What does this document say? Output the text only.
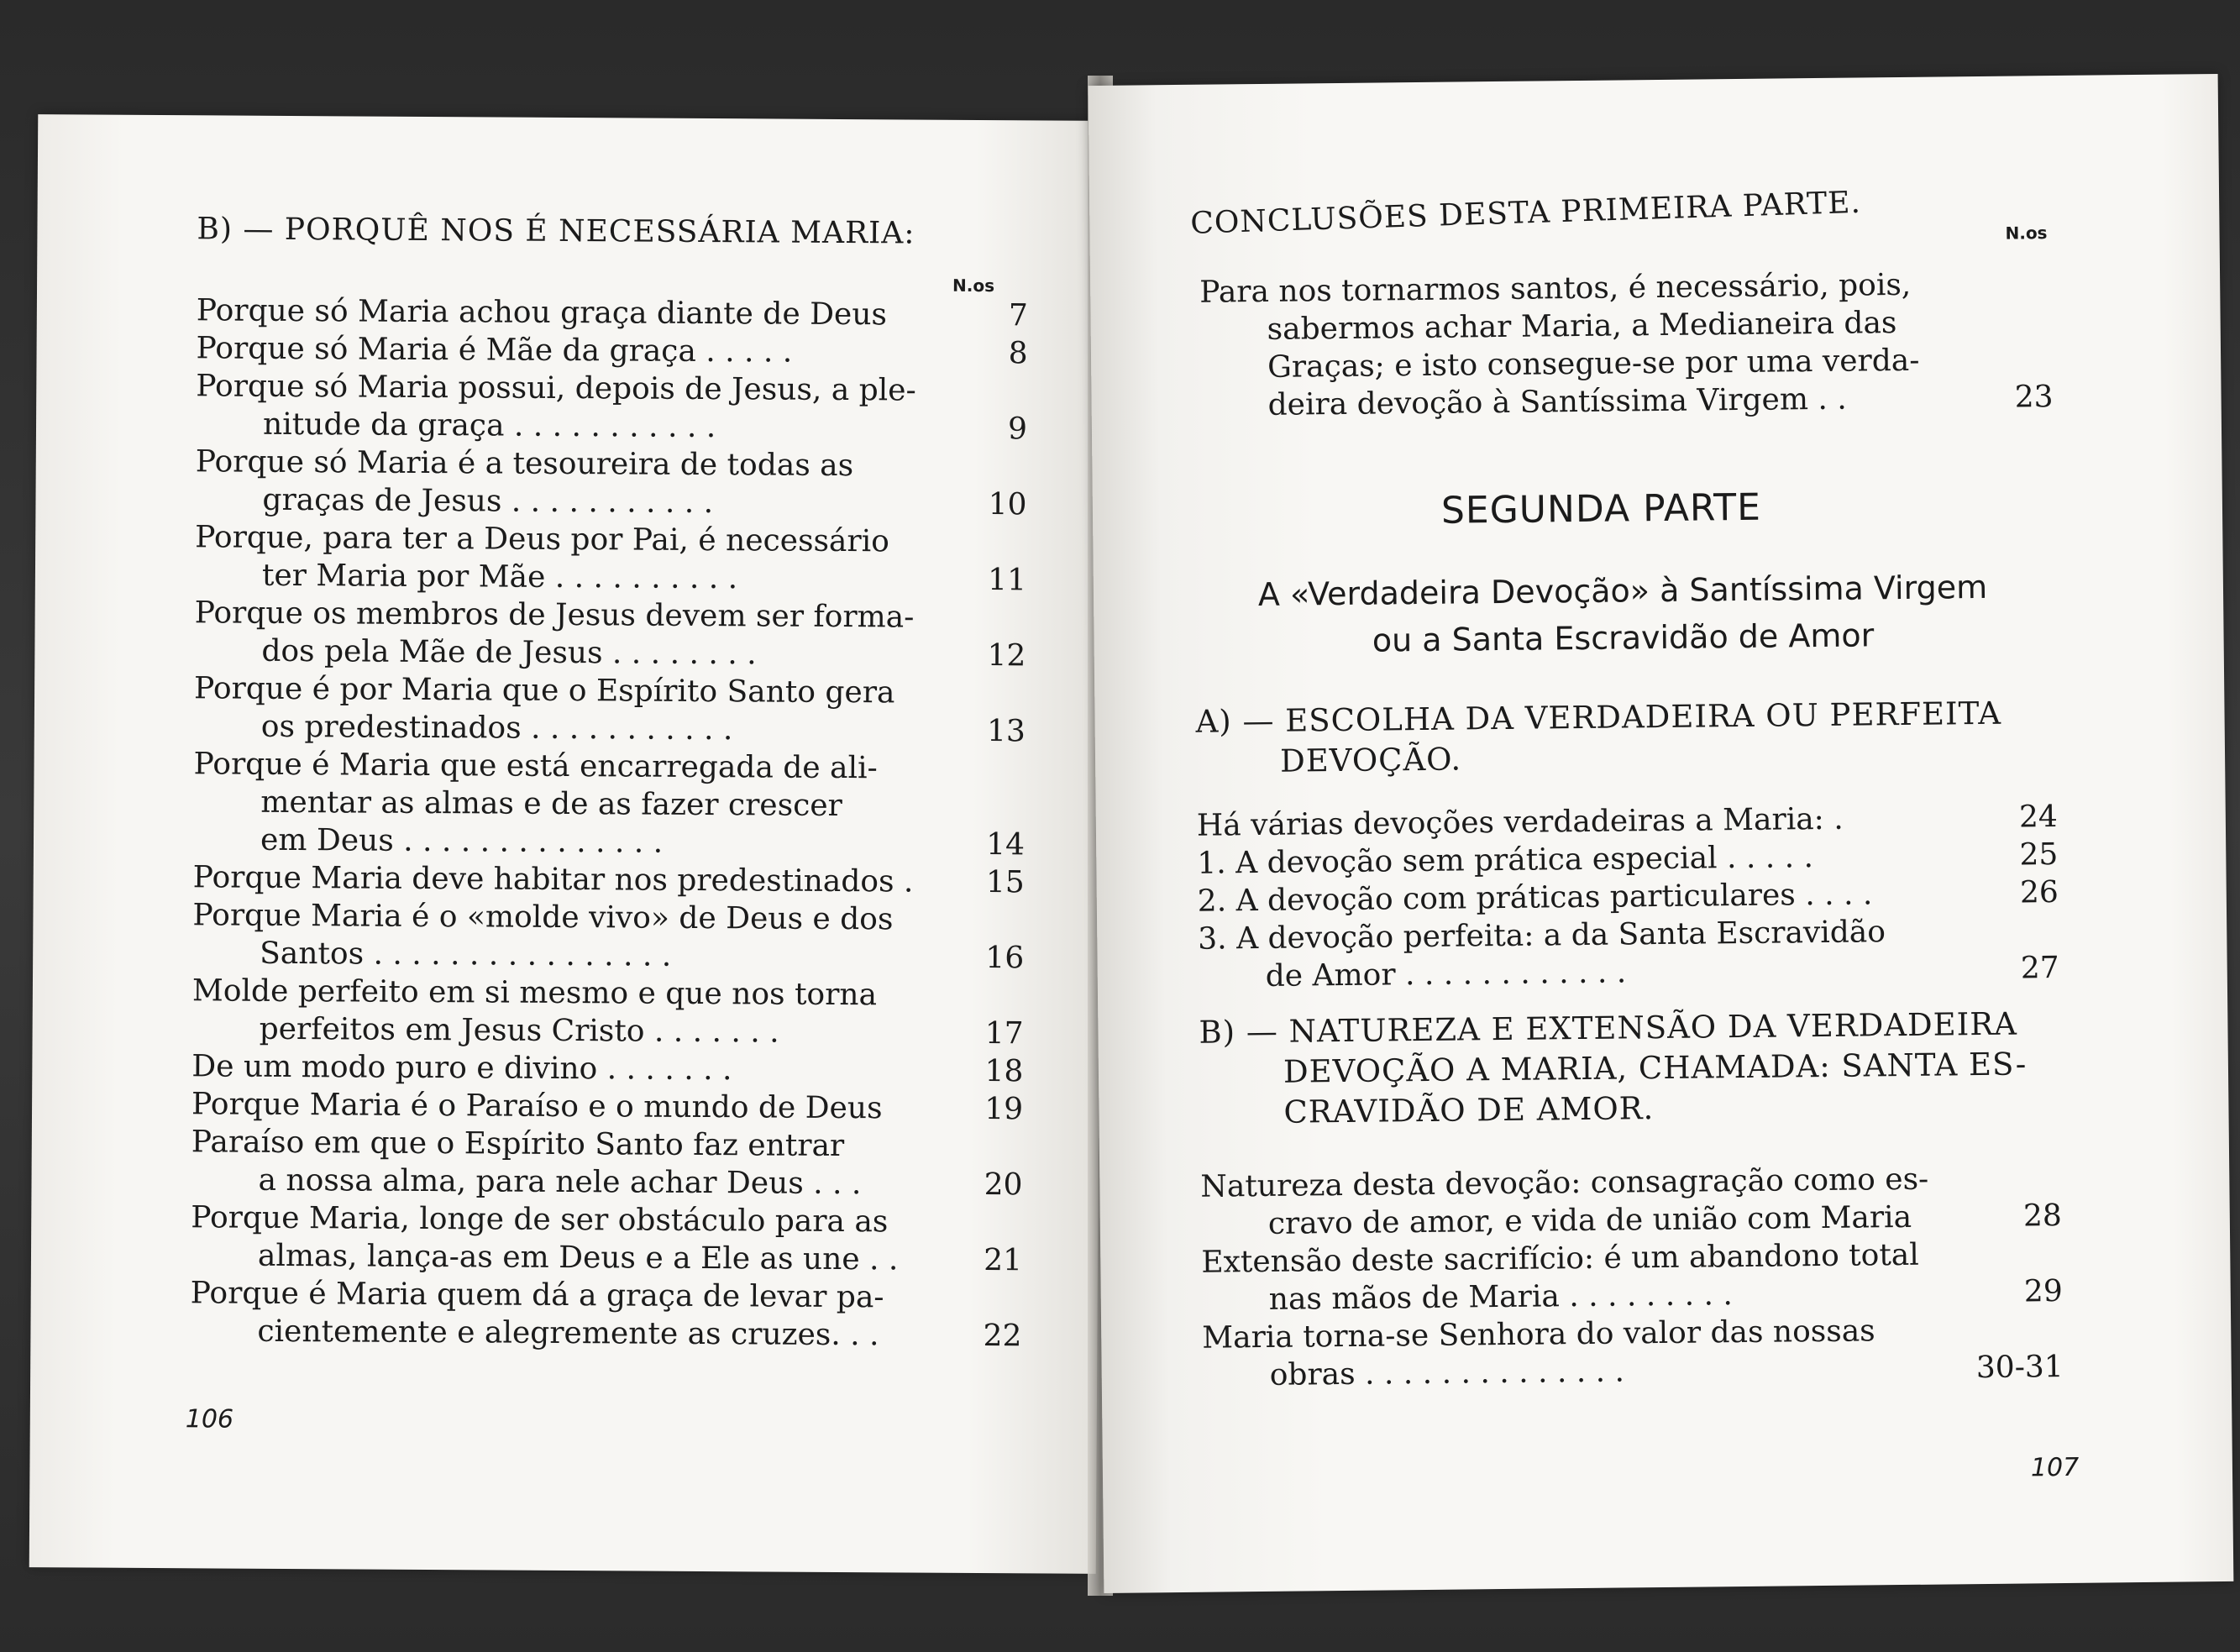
B) — PORQUÊ NOS É NECESSÁRIA MARIA:
N.os
Porque só Maria achou graça diante de Deus	7
Porque só Maria é Mãe da graça . . . . .	8
Porque só Maria possui, depois de Jesus, a ple-
nitude da graça . . . . . . . . . . .	9
Porque só Maria é a tesoureira de todas as
graças de Jesus . . . . . . . . . . .	10
Porque, para ter a Deus por Pai, é necessário
ter Maria por Mãe . . . . . . . . . .	11
Porque os membros de Jesus devem ser forma-
dos pela Mãe de Jesus . . . . . . . .	12
Porque é por Maria que o Espírito Santo gera
os predestinados . . . . . . . . . . .	13
Porque é Maria que está encarregada de ali-
mentar as almas e de as fazer crescer
em Deus . . . . . . . . . . . . . .	14
Porque Maria deve habitar nos predestinados .	15
Porque Maria é o «molde vivo» de Deus e dos
Santos . . . . . . . . . . . . . . . .	16
Molde perfeito em si mesmo e que nos torna
perfeitos em Jesus Cristo . . . . . . .	17
De um modo puro e divino . . . . . . .	18
Porque Maria é o Paraíso e o mundo de Deus	19
Paraíso em que o Espírito Santo faz entrar
a nossa alma, para nele achar Deus . . .	20
Porque Maria, longe de ser obstáculo para as
almas, lança-as em Deus e a Ele as une . .	21
Porque é Maria quem dá a graça de levar pa-
cientemente e alegremente as cruzes. . .	22
106
CONCLUSÕES DESTA PRIMEIRA PARTE.	N.os
Para nos tornarmos santos, é necessário, pois,
sabermos achar Maria, a Medianeira das
Graças; e isto consegue-se por uma verda-
deira devoção à Santíssima Virgem . .	23
SEGUNDA PARTE
A «Verdadeira Devoção» à Santíssima Virgem
ou a Santa Escravidão de Amor
A) — ESCOLHA DA VERDADEIRA OU PERFEITA
DEVOÇÃO.
Há várias devoções verdadeiras a Maria: .	24
1. A devoção sem prática especial . . . . .	25
2. A devoção com práticas particulares . . . .	26
3. A devoção perfeita: a da Santa Escravidão
de Amor . . . . . . . . . . . .	27
B) — NATUREZA E EXTENSÃO DA VERDADEIRA
DEVOÇÃO A MARIA, CHAMADA: SANTA ES-
CRAVIDÃO DE AMOR.
Natureza desta devoção: consagração como es-
cravo de amor, e vida de união com Maria	28
Extensão deste sacrifício: é um abandono total
nas mãos de Maria . . . . . . . . .	29
Maria torna-se Senhora do valor das nossas
obras . . . . . . . . . . . . . .	30-31
107
